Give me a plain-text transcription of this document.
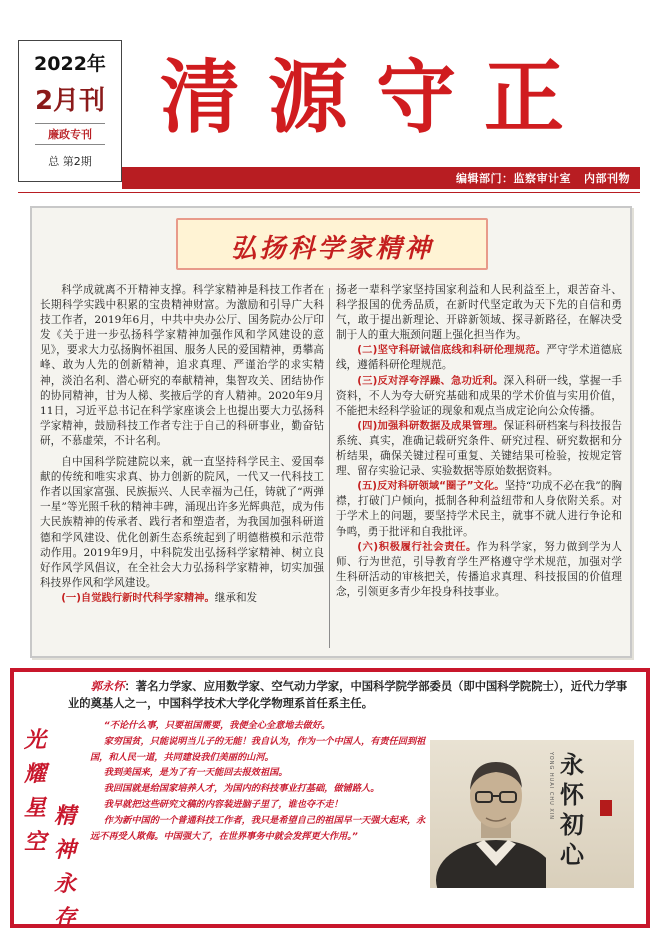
2022年
2月刊
廉政专刊
总 第2期
清源守正
编辑部门：监察审计室 内部刊物
弘扬科学家精神

科学成就离不开精神支撑。科学家精神是科技工作者在长期科学实践中积累的宝贵精神财富。为激励和引导广大科技工作者，2019年6月，中共中央办公厅、国务院办公厅印发《关于进一步弘扬科学家精神加强作风和学风建设的意见》，要求大力弘扬胸怀祖国、服务人民的爱国精神，勇攀高峰、敢为人先的创新精神，追求真理、严谨治学的求实精神，淡泊名利、潜心研究的奉献精神，集智攻关、团结协作的协同精神，甘为人梯、奖掖后学的育人精神。2020年9月11日，习近平总书记在科学家座谈会上也提出要大力弘扬科学家精神，鼓励科技工作者专注于自己的科研事业，勤奋钻研，不慕虚荣，不计名利。

自中国科学院建院以来，就一直坚持科学民主、爱国奉献的传统和唯实求真、协力创新的院风，一代又一代科技工作者以国家富强、民族振兴、人民幸福为己任，铸就了“两弹一星”等光照千秋的精神丰碑，涌现出许多光辉典范，成为伟大民族精神的传承者、践行者和塑造者，为我国加强科研道德和学风建设、优化创新生态系统起到了明德楷模和示范带动作用。2019年9月，中科院发出弘扬科学家精神、树立良好作风学风倡议，在全社会大力弘扬科学家精神，切实加强科技界作风和学风建设。

(一)自觉践行新时代科学家精神。继承和发

扬老一辈科学家坚持国家利益和人民利益至上，艰苦奋斗、科学报国的优秀品质，在新时代坚定敢为天下先的自信和勇气，敢于提出新理论、开辟新领域、探寻新路径，在解决受制于人的重大瓶颈问题上强化担当作为。

(二)坚守科研诚信底线和科研伦理规范。严守学术道德底线，遵循科研伦理规范。

(三)反对浮夸浮躁、急功近利。深入科研一线，掌握一手资料，不人为夸大研究基础和成果的学术价值与实用价值，不能把未经科学验证的现象和观点当成定论向公众传播。

(四)加强科研数据及成果管理。保证科研档案与科技报告系统、真实，准确记载研究条件、研究过程、研究数据和分析结果，确保关键过程可重复、关键结果可检验，按规定管理、留存实验记录、实验数据等原始数据资料。

(五)反对科研领域“圈子”文化。坚持“功成不必在我”的胸襟，打破门户倾向，抵制各种利益纽带和人身依附关系。对于学术上的问题，要坚持学术民主，就事不就人进行争论和争鸣，勇于批评和自我批评。

(六)积极履行社会责任。作为科学家，努力做到学为人师、行为世范，引导教育学生严格遵守学术规范，加强对学生科研活动的审核把关，传播追求真理、科技报国的价值理念，引领更多青少年投身科技事业。

光
耀
星
空
精
神
永
存
郭永怀：著名力学家、应用数学家、空气动力学家，中国科学院学部委员（即中国科学院院士），近代力学事业的奠基人之一，中国科学技术大学化学物理系首任系主任。

“不论什么事，只要祖国需要，我便全心全意地去做好。

家穷国贫，只能说明当儿子的无能！我自认为，作为一个中国人，有责任回到祖国，和人民一道，共同建设我们美丽的山河。

我到美国来，是为了有一天能回去报效祖国。

我回国就是给国家培养人才，为国内的科技事业打基础，做铺路人。

我早就把这些研究文稿的内容装进脑子里了，谁也夺不走！

作为新中国的一个普通科技工作者，我只是希望自己的祖国早一天强大起来，永远不再受人欺侮。中国强大了，在世界事务中就会发挥更大作用。”

YONG HUAI CHU XIN 永怀初心
